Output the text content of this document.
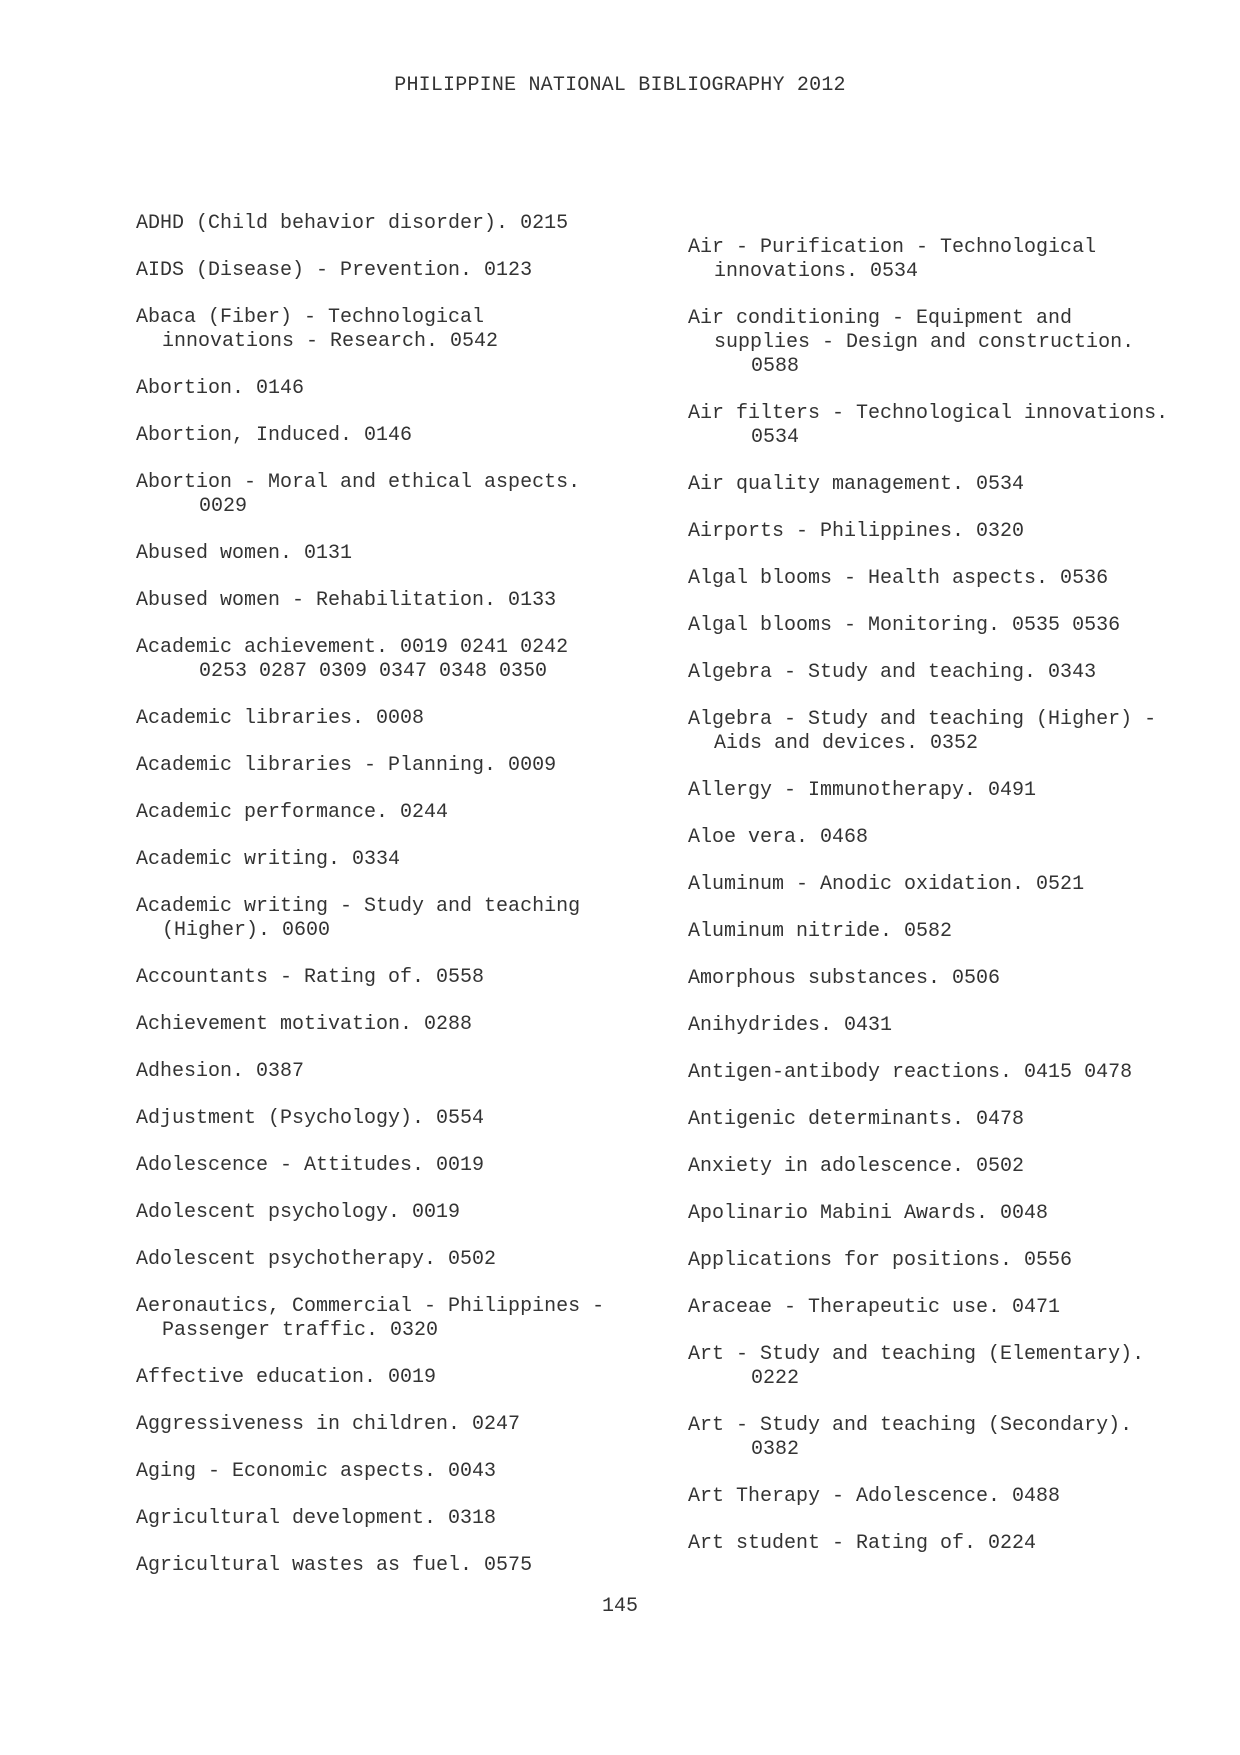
PHILIPPINE NATIONAL BIBLIOGRAPHY 2012
ADHD (Child behavior disorder). 0215
AIDS (Disease) - Prevention. 0123
Abaca (Fiber) - Technological
innovations - Research. 0542
Abortion. 0146
Abortion, Induced. 0146
Abortion - Moral and ethical aspects.
0029
Abused women. 0131
Abused women - Rehabilitation. 0133
Academic achievement. 0019 0241 0242
0253 0287 0309 0347 0348 0350
Academic libraries. 0008
Academic libraries - Planning. 0009
Academic performance. 0244
Academic writing. 0334
Academic writing - Study and teaching
(Higher). 0600
Accountants - Rating of. 0558
Achievement motivation. 0288
Adhesion. 0387
Adjustment (Psychology). 0554
Adolescence - Attitudes. 0019
Adolescent psychology. 0019
Adolescent psychotherapy. 0502
Aeronautics, Commercial - Philippines -
Passenger traffic. 0320
Affective education. 0019
Aggressiveness in children. 0247
Aging - Economic aspects. 0043
Agricultural development. 0318
Agricultural wastes as fuel. 0575
Air - Purification - Technological
innovations. 0534
Air conditioning - Equipment and
supplies - Design and construction.
0588
Air filters - Technological innovations.
0534
Air quality management. 0534
Airports - Philippines. 0320
Algal blooms - Health aspects. 0536
Algal blooms - Monitoring. 0535 0536
Algebra - Study and teaching. 0343
Algebra - Study and teaching (Higher) -
Aids and devices. 0352
Allergy - Immunotherapy. 0491
Aloe vera. 0468
Aluminum - Anodic oxidation. 0521
Aluminum nitride. 0582
Amorphous substances. 0506
Anihydrides. 0431
Antigen-antibody reactions. 0415 0478
Antigenic determinants. 0478
Anxiety in adolescence. 0502
Apolinario Mabini Awards. 0048
Applications for positions. 0556
Araceae - Therapeutic use. 0471
Art - Study and teaching (Elementary).
0222
Art - Study and teaching (Secondary).
0382
Art Therapy - Adolescence. 0488
Art student - Rating of. 0224
145
